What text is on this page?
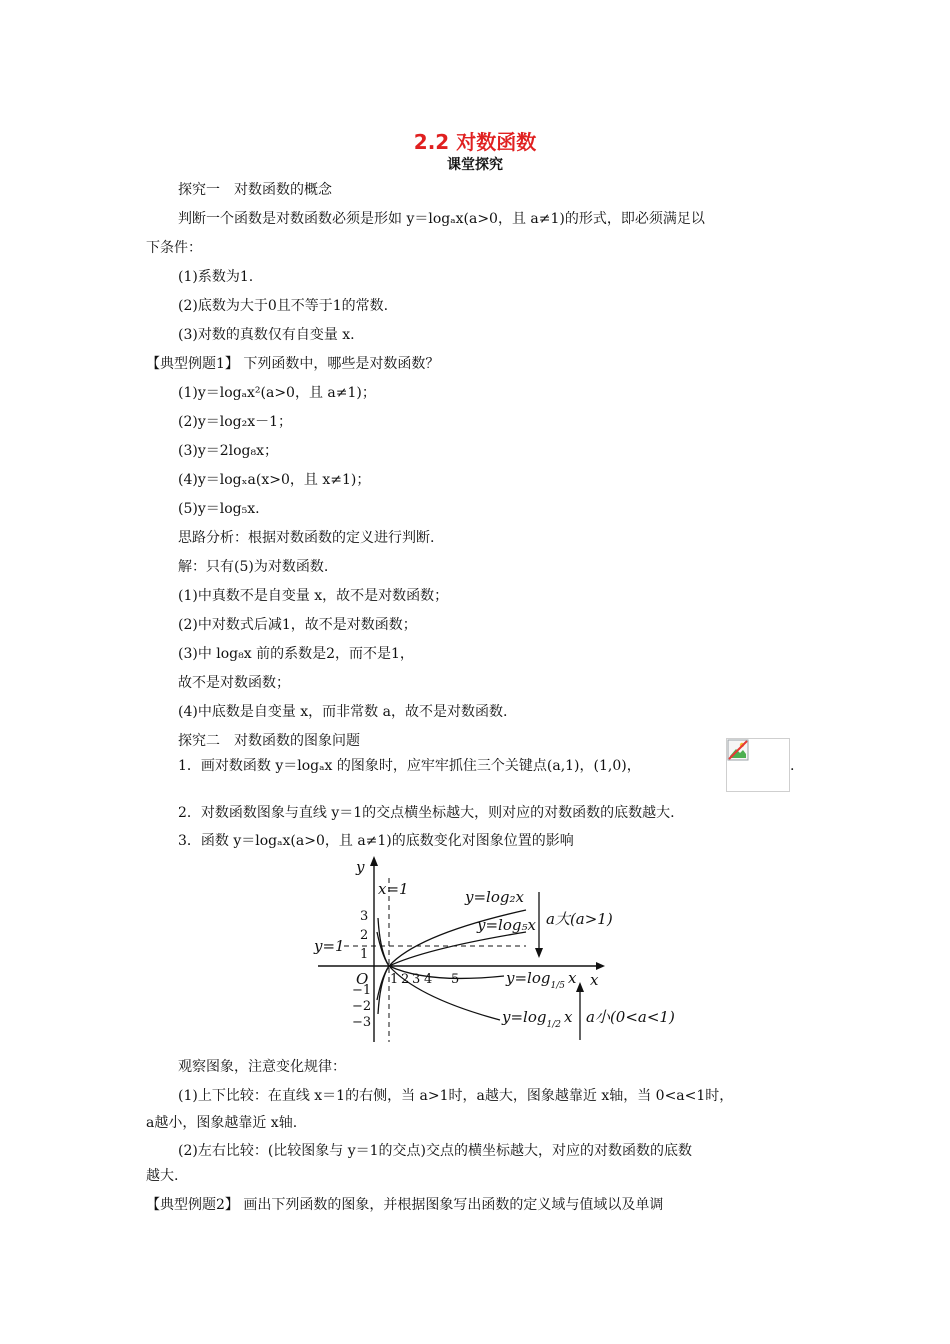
2.2 对数函数
课堂探究
探究一　对数函数的概念
判断一个函数是对数函数必须是形如 y＝logₐx(a>0，且 a≠1)的形式，即必须满足以
下条件：
(1)系数为1.
(2)底数为大于0且不等于1的常数.
(3)对数的真数仅有自变量 x.
【典型例题1】 下列函数中，哪些是对数函数？
(1)y＝logₐx²(a>0，且 a≠1)；
(2)y＝log₂x－1；
(3)y＝2log₈x；
(4)y＝logₓa(x>0，且 x≠1)；
(5)y＝log₅x.
思路分析：根据对数函数的定义进行判断.
解：只有(5)为对数函数.
(1)中真数不是自变量 x，故不是对数函数；
(2)中对数式后减1，故不是对数函数；
(3)中 log₈x 前的系数是2，而不是1，
故不是对数函数；
(4)中底数是自变量 x，而非常数 a，故不是对数函数.
探究二　对数函数的图象问题
1．画对数函数 y＝logₐx 的图象时，应牢牢抓住三个关键点(a,1)，(1,0)，	.
2．对数函数图象与直线 y＝1的交点横坐标越大，则对应的对数函数的底数越大.
3．函数 y＝logₐx(a>0，且 a≠1)的底数变化对图象位置的影响
y
x
O
x=1
y=1
1 2 3 4 5
3
2
1
−1
−2
−3
y=log₂x
y=log₅x
$y=\log_{1/5}$ x
$y=\log_{1/2}$ x
a大(a>1)
a小(0<a<1)
观察图象，注意变化规律：
(1)上下比较：在直线 x＝1的右侧，当 a>1时，a越大，图象越靠近 x轴，当 0<a<1时，
a越小，图象越靠近 x轴.
(2)左右比较：(比较图象与 y＝1的交点)交点的横坐标越大，对应的对数函数的底数
越大.
【典型例题2】 画出下列函数的图象，并根据图象写出函数的定义域与值域以及单调
